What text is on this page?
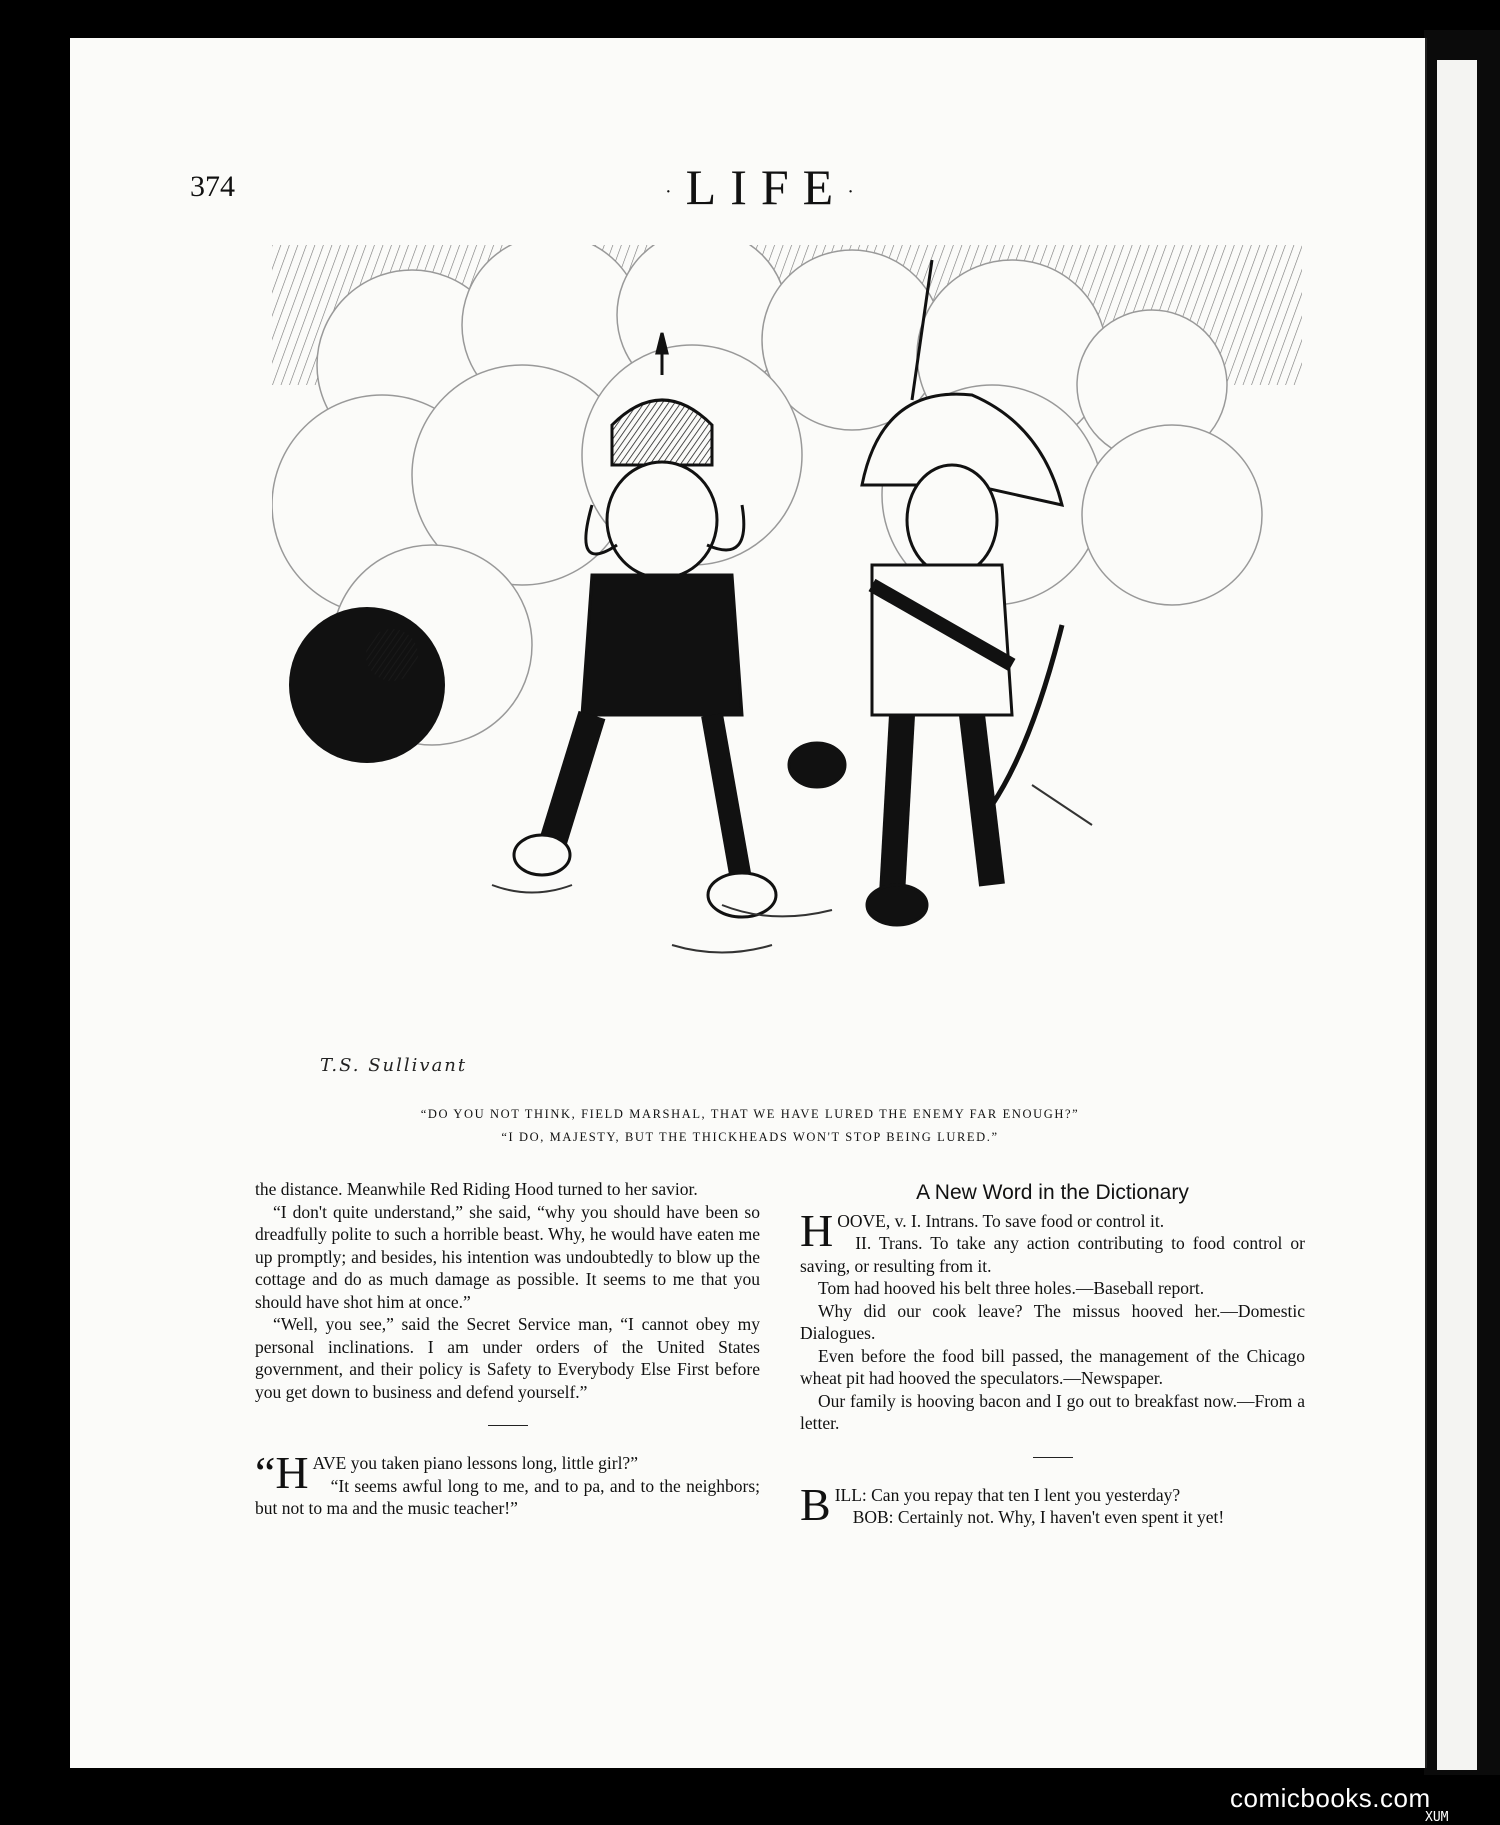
374	·LIFE·
T.S. Sullivant
“DO YOU NOT THINK, FIELD MARSHAL, THAT WE HAVE LURED THE ENEMY FAR ENOUGH?”
“I DO, MAJESTY, BUT THE THICKHEADS WON'T STOP BEING LURED.”

the distance. Meanwhile Red Riding Hood turned to her savior.

“I don't quite understand,” she said, “why you should have been so dreadfully polite to such a horrible beast. Why, he would have eaten me up promptly; and besides, his intention was undoubtedly to blow up the cottage and do as much damage as possible. It seems to me that you should have shot him at once.”

“Well, you see,” said the Secret Service man, “I cannot obey my personal inclinations. I am under orders of the United States government, and their policy is Safety to Everybody Else First before you get down to business and defend yourself.”

“HAVE you taken piano lessons long, little girl?”

“It seems awful long to me, and to pa, and to the neighbors; but not to ma and the music teacher!”

A New Word in the Dictionary

HOOVE, v. I. Intrans. To save food or control it.

II. Trans. To take any action contributing to food control or saving, or resulting from it.

Tom had hooved his belt three holes.—Baseball report.

Why did our cook leave? The missus hooved her.—Domestic Dialogues.

Even before the food bill passed, the management of the Chicago wheat pit had hooved the speculators.—Newspaper.

Our family is hooving bacon and I go out to breakfast now.—From a letter.

BILL: Can you repay that ten I lent you yesterday?

BOB: Certainly not. Why, I haven't even spent it yet!

comicbooks.com
XUM
